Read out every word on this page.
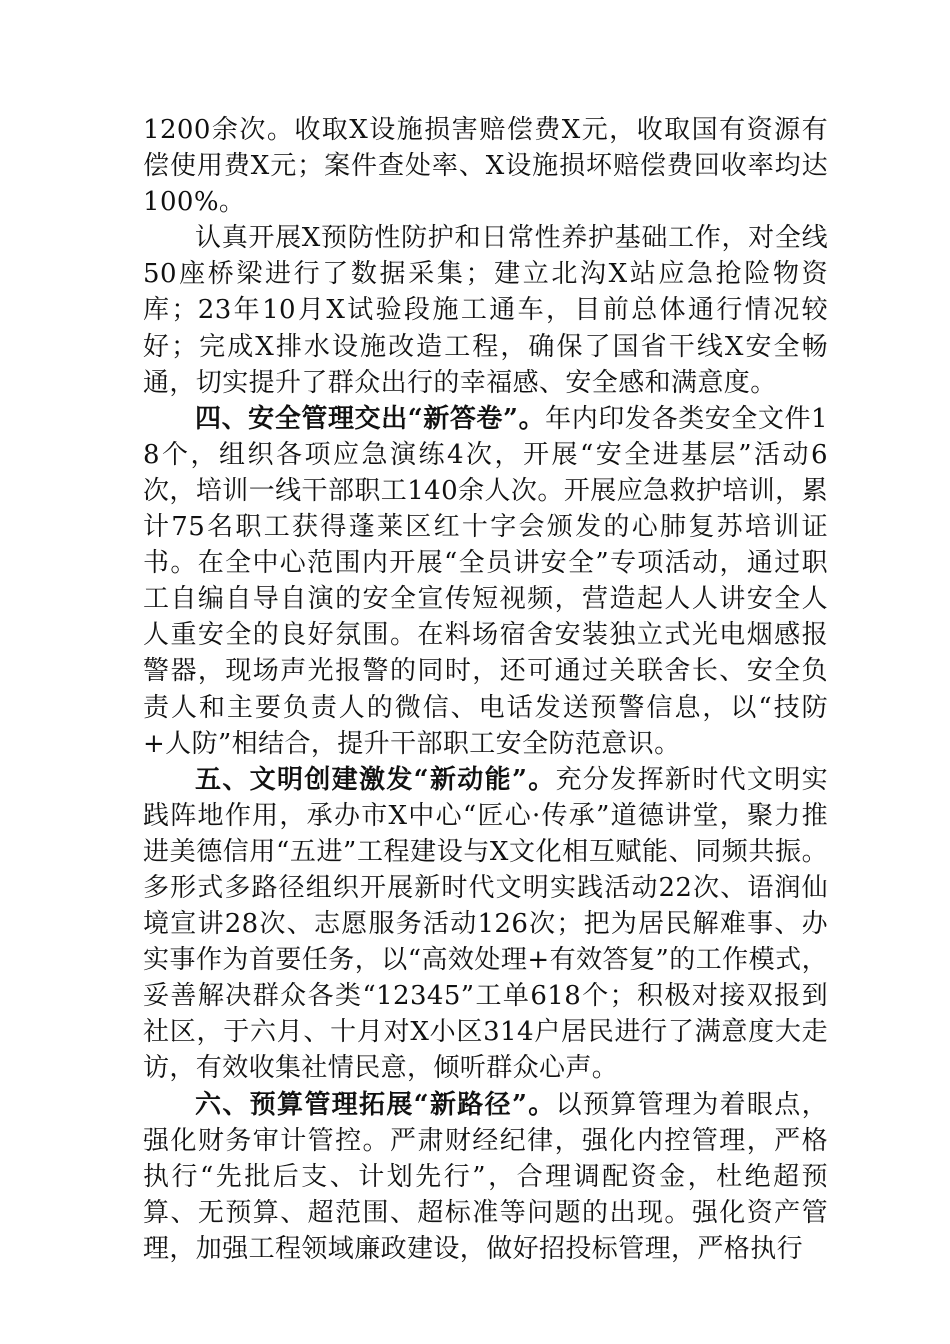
1200余次。收取X设施损害赔偿费X元，收取国有资源有偿使用费X元；案件查处率、X设施损坏赔偿费回收率均达100%。

认真开展X预防性防护和日常性养护基础工作，对全线50座桥梁进行了数据采集；建立北沟X站应急抢险物资库；23年10月X试验段施工通车，目前总体通行情况较好；完成X排水设施改造工程，确保了国省干线X安全畅通，切实提升了群众出行的幸福感、安全感和满意度。

四、安全管理交出“新答卷”。年内印发各类安全文件18个，组织各项应急演练4次，开展“安全进基层”活动6次，培训一线干部职工140余人次。开展应急救护培训，累计75名职工获得蓬莱区红十字会颁发的心肺复苏培训证书。在全中心范围内开展“全员讲安全”专项活动，通过职工自编自导自演的安全宣传短视频，营造起人人讲安全人人重安全的良好氛围。在料场宿舍安装独立式光电烟感报警器，现场声光报警的同时，还可通过关联舍长、安全负责人和主要负责人的微信、电话发送预警信息，以“技防+人防”相结合，提升干部职工安全防范意识。

五、文明创建激发“新动能”。充分发挥新时代文明实践阵地作用，承办市X中心“匠心·传承”道德讲堂，聚力推进美德信用“五进”工程建设与X文化相互赋能、同频共振。多形式多路径组织开展新时代文明实践活动22次、语润仙境宣讲28次、志愿服务活动126次；把为居民解难事、办实事作为首要任务，以“高效处理+有效答复”的工作模式，妥善解决群众各类“12345”工单618个；积极对接双报到社区，于六月、十月对X小区314户居民进行了满意度大走访，有效收集社情民意，倾听群众心声。

六、预算管理拓展“新路径”。以预算管理为着眼点，强化财务审计管控。严肃财经纪律，强化内控管理，严格执行“先批后支、计划先行”，合理调配资金，杜绝超预算、无预算、超范围、超标准等问题的出现。强化资产管理，加强工程领域廉政建设，做好招投标管理，严格执行
